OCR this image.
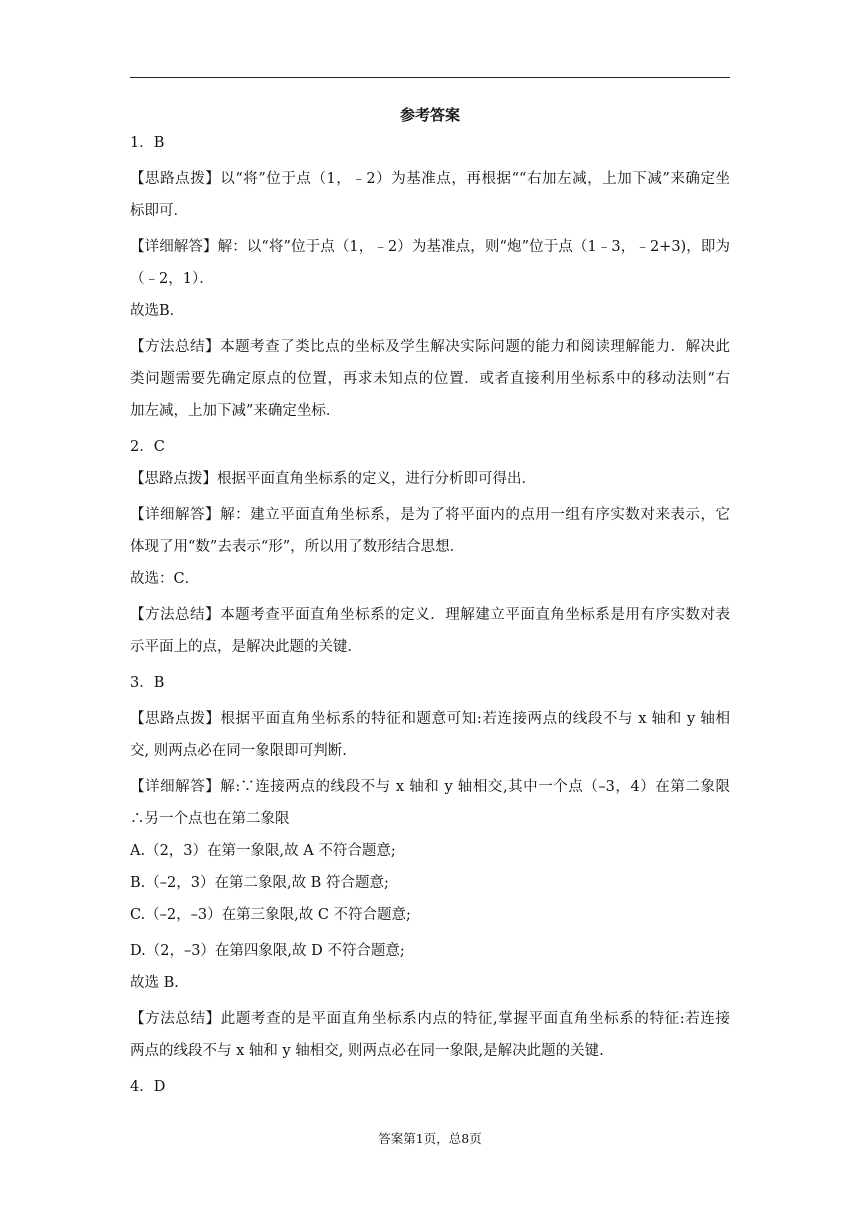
参考答案
1．B
【思路点拨】以“将”位于点（1，﹣2）为基准点，再根据““右加左减，上加下减”来确定坐
标即可．
【详细解答】解：以“将”位于点（1，﹣2）为基准点，则“炮”位于点（1﹣3，﹣2+3)，即为
（﹣2，1）．
故选B．
【方法总结】本题考查了类比点的坐标及学生解决实际问题的能力和阅读理解能力．解决此
类问题需要先确定原点的位置，再求未知点的位置．或者直接利用坐标系中的移动法则“右
加左减，上加下减”来确定坐标．
2．C
【思路点拨】根据平面直角坐标系的定义，进行分析即可得出．
【详细解答】解：建立平面直角坐标系，是为了将平面内的点用一组有序实数对来表示，它
体现了用“数”去表示“形”，所以用了数形结合思想．
故选：C．
【方法总结】本题考查平面直角坐标系的定义．理解建立平面直角坐标系是用有序实数对表
示平面上的点，是解决此题的关键．
3．B
【思路点拨】根据平面直角坐标系的特征和题意可知:若连接两点的线段不与 x 轴和 y 轴相
交, 则两点必在同一象限即可判断.
【详细解答】解:∵连接两点的线段不与 x 轴和 y 轴相交,其中一个点（–3，4）在第二象限
∴另一个点也在第二象限
A.（2，3）在第一象限,故 A 不符合题意;
B.（–2，3）在第二象限,故 B 符合题意;
C.（–2，–3）在第三象限,故 C 不符合题意;
D.（2，–3）在第四象限,故 D 不符合题意;
故选 B.
【方法总结】此题考查的是平面直角坐标系内点的特征,掌握平面直角坐标系的特征:若连接
两点的线段不与 x 轴和 y 轴相交, 则两点必在同一象限,是解决此题的关键.
4．D
答案第1页，总8页
